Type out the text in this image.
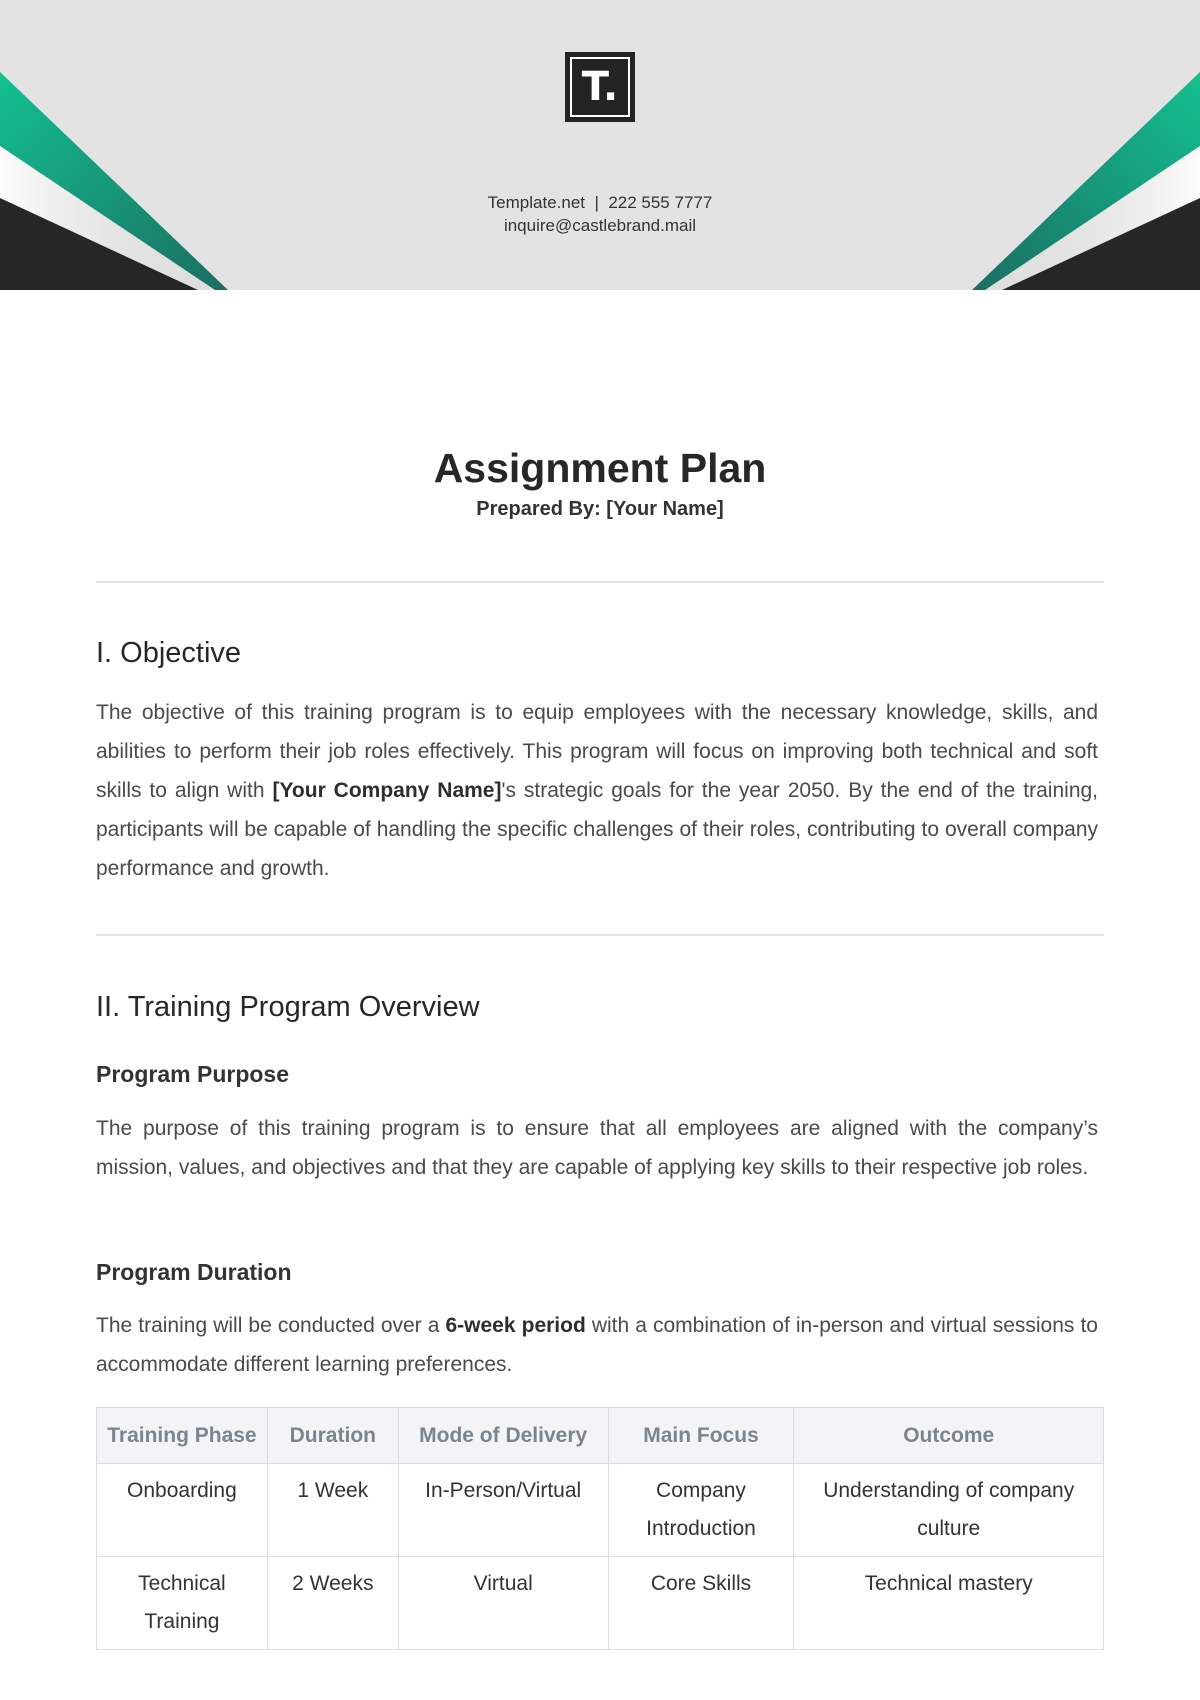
T.
Template.net  |  222 555 7777
inquire@castlebrand.mail
Assignment Plan
Prepared By: [Your Name]
I. Objective

The objective of this training program is to equip employees with the necessary knowledge, skills, and abilities to perform their job roles effectively. This program will focus on improving both technical and soft skills to align with [Your Company Name]'s strategic goals for the year 2050. By the end of the training, participants will be capable of handling the specific challenges of their roles, contributing to overall company performance and growth.

II. Training Program Overview
Program Purpose

The purpose of this training program is to ensure that all employees are aligned with the company’s mission, values, and objectives and that they are capable of applying key skills to their respective job roles.

Program Duration

The training will be conducted over a 6-week period with a combination of in-person and virtual sessions to accommodate different learning preferences.

Training Phase	Duration	Mode of Delivery	Main Focus	Outcome
Onboarding	1 Week	In-Person/Virtual	Company Introduction	Understanding of company culture
Technical Training	2 Weeks	Virtual	Core Skills	Technical mastery
